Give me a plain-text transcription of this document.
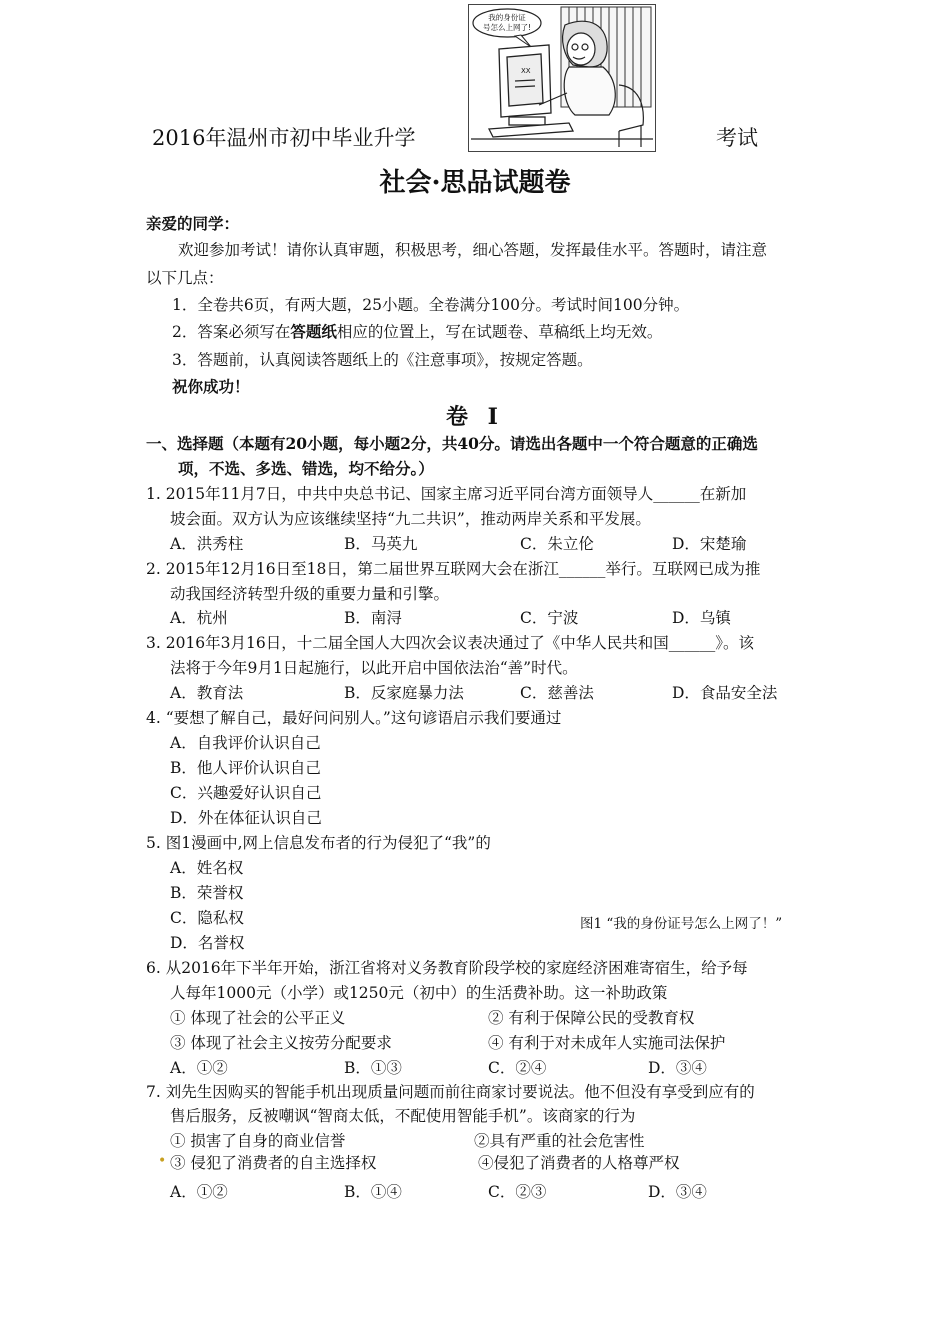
2016年温州市初中毕业升学
我的身份证
号怎么上网了!
XX
考试
社会·思品试题卷
亲爱的同学：
欢迎参加考试！请你认真审题，积极思考，细心答题，发挥最佳水平。答题时，请注意
以下几点：
1．全卷共6页，有两大题，25小题。全卷满分100分。考试时间100分钟。
2．答案必须写在答题纸相应的位置上，写在试题卷、草稿纸上均无效。
3．答题前，认真阅读答题纸上的《注意事项》，按规定答题。
祝你成功！
卷 I
一、选择题（本题有20小题，每小题2分，共40分。请选出各题中一个符合题意的正确选
项，不选、多选、错选，均不给分。）
1. 2015年11月7日，中共中央总书记、国家主席习近平同台湾方面领导人______在新加
坡会面。双方认为应该继续坚持“九二共识”，推动两岸关系和平发展。
A．洪秀柱	B．马英九	C．朱立伦	D．宋楚瑜
2. 2015年12月16日至18日，第二届世界互联网大会在浙江______举行。互联网已成为推
动我国经济转型升级的重要力量和引擎。
A．杭州	B．南浔	C．宁波	D．乌镇
3. 2016年3月16日，十二届全国人大四次会议表决通过了《中华人民共和国______》。该
法将于今年9月1日起施行，以此开启中国依法治“善”时代。
A．教育法	B．反家庭暴力法	C．慈善法	D．食品安全法
4. “要想了解自己，最好问问别人。”这句谚语启示我们要通过
A．自我评价认识自己
B．他人评价认识自己
C．兴趣爱好认识自己
D．外在体征认识自己
5. 图1漫画中,网上信息发布者的行为侵犯了“我”的
A．姓名权
B．荣誉权
C．隐私权
D．名誉权
图1 “我的身份证号怎么上网了！”
6. 从2016年下半年开始，浙江省将对义务教育阶段学校的家庭经济困难寄宿生，给予每
人每年1000元（小学）或1250元（初中）的生活费补助。这一补助政策
① 体现了社会的公平正义	② 有利于保障公民的受教育权
③ 体现了社会主义按劳分配要求	④ 有利于对未成年人实施司法保护
A．①②	B．①③	C．②④	D．③④
7. 刘先生因购买的智能手机出现质量问题而前往商家讨要说法。他不但没有享受到应有的
售后服务，反被嘲讽“智商太低，不配使用智能手机”。该商家的行为
① 损害了自身的商业信誉	②具有严重的社会危害性
• ③ 侵犯了消费者的自主选择权	④侵犯了消费者的人格尊严权
A．①②	B．①④	C．②③	D．③④
